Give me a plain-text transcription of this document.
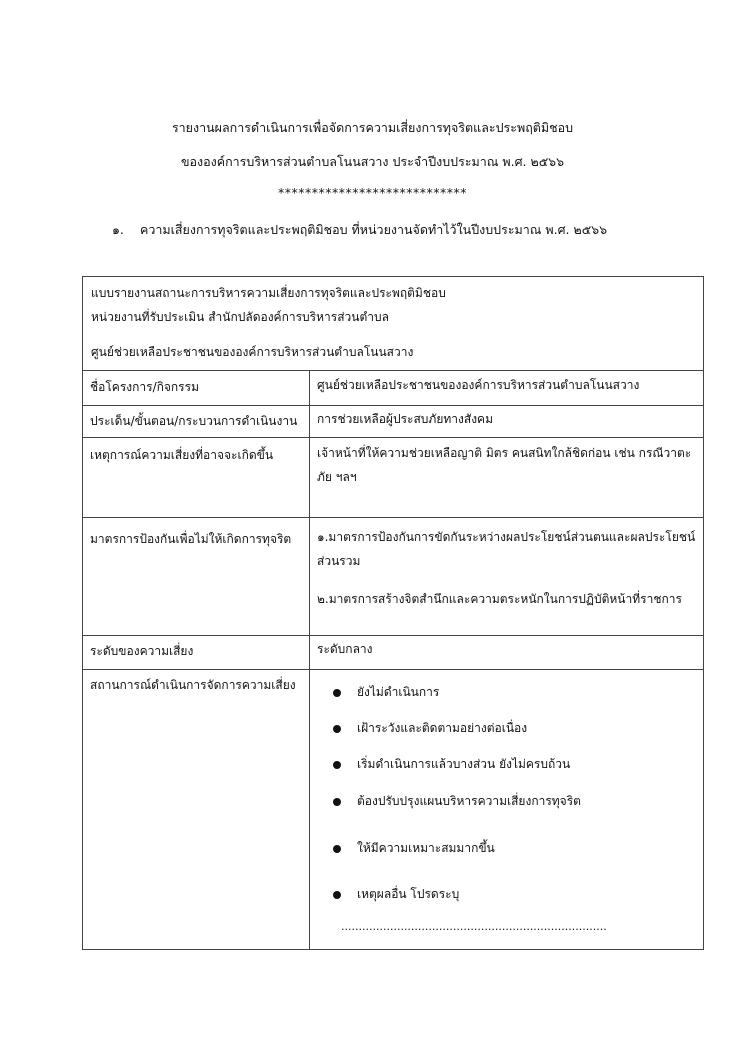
รายงานผลการดำเนินการเพื่อจัดการความเสี่ยงการทุจริตและประพฤติมิชอบ
ขององค์การบริหารส่วนตำบลโนนสวาง ประจำปีงบประมาณ พ.ศ. ๒๕๖๖
****************************
๑. ความเสี่ยงการทุจริตและประพฤติมิชอบ ที่หน่วยงานจัดทำไว้ในปีงบประมาณ พ.ศ. ๒๕๖๖
แบบรายงานสถานะการบริหารความเสี่ยงการทุจริตและประพฤติมิชอบ
หน่วยงานที่รับประเมิน สำนักปลัดองค์การบริหารส่วนตำบล
ศูนย์ช่วยเหลือประชาชนขององค์การบริหารส่วนตำบลโนนสวาง
ชื่อโครงการ/กิจกรรม	ศูนย์ช่วยเหลือประชาชนขององค์การบริหารส่วนตำบลโนนสวาง
ประเด็น/ขั้นตอน/กระบวนการดำเนินงาน	การช่วยเหลือผู้ประสบภัยทางสังคม
เหตุการณ์ความเสี่ยงที่อาจจะเกิดขึ้น	เจ้าหน้าที่ให้ความช่วยเหลือญาติ มิตร คนสนิทใกล้ชิดก่อน เช่น กรณีวาตะภัย ฯลฯ
มาตรการป้องกันเพื่อไม่ให้เกิดการทุจริต	๑.มาตรการป้องกันการขัดกันระหว่างผลประโยชน์ส่วนตนและผลประโยชน์ส่วนรวม
๒.มาตรการสร้างจิตสำนึกและความตระหนักในการปฏิบัติหน้าที่ราชการ
ระดับของความเสี่ยง	ระดับกลาง
สถานการณ์ดำเนินการจัดการความเสี่ยง	ยังไม่ดำเนินการ
เฝ้าระวังและติดตามอย่างต่อเนื่อง
เริ่มดำเนินการแล้วบางส่วน ยังไม่ครบถ้วน
ต้องปรับปรุงแผนบริหารความเสี่ยงการทุจริต
ให้มีความเหมาะสมมากขึ้น
เหตุผลอื่น โปรดระบุ
............................................................................
